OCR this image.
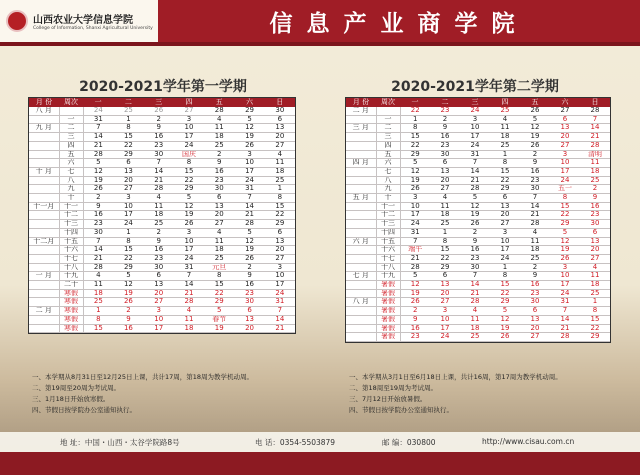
山西农业大学信息学院
College of Information, Shanxi Agricultural University	信息产业商学院
2020-2021学年第一学期	2020-2021学年第二学期
月 份	周次	一	二	三	四	五	六	日
八 月		24	25	26	27	28	29	30
	一	31	1	2	3	4	5	6
九 月	二	7	8	9	10	11	12	13
	三	14	15	16	17	18	19	20
	四	21	22	23	24	25	26	27
	五	28	29	30	国庆	2	3	4
	六	5	6	7	8	9	10	11
十 月	七	12	13	14	15	16	17	18
	八	19	20	21	22	23	24	25
	九	26	27	28	29	30	31	1
	十	2	3	4	5	6	7	8
十一月	十一	9	10	11	12	13	14	15
	十二	16	17	18	19	20	21	22
	十三	23	24	25	26	27	28	29
	十四	30	1	2	3	4	5	6
十二月	十五	7	8	9	10	11	12	13
	十六	14	15	16	17	18	19	20
	十七	21	22	23	24	25	26	27
	十八	28	29	30	31	元旦	2	3
一 月	十九	4	5	6	7	8	9	10
	二十	11	12	13	14	15	16	17
	寒假	18	19	20	21	22	23	24
	寒假	25	26	27	28	29	30	31
二 月	寒假	1	2	3	4	5	6	7
	寒假	8	9	10	11	春节	13	14
	寒假	15	16	17	18	19	20	21
月 份	周次	一	二	三	四	五	六	日
二 月		22	23	24	25	26	27	28
	一	1	2	3	4	5	6	7
三 月	二	8	9	10	11	12	13	14
	三	15	16	17	18	19	20	21
	四	22	23	24	25	26	27	28
	五	29	30	31	1	2	3	清明
四 月	六	5	6	7	8	9	10	11
	七	12	13	14	15	16	17	18
	八	19	20	21	22	23	24	25
	九	26	27	28	29	30	五一	2
五 月	十	3	4	5	6	7	8	9
	十一	10	11	12	13	14	15	16
	十二	17	18	19	20	21	22	23
	十三	24	25	26	27	28	29	30
	十四	31	1	2	3	4	5	6
六 月	十五	7	8	9	10	11	12	13
	十六	端午	15	16	17	18	19	20
	十七	21	22	23	24	25	26	27
	十八	28	29	30	1	2	3	4
七 月	十九	5	6	7	8	9	10	11
	暑假	12	13	14	15	16	17	18
	暑假	19	20	21	22	23	24	25
八 月	暑假	26	27	28	29	30	31	1
	暑假	2	3	4	5	6	7	8
	暑假	9	10	11	12	13	14	15
	暑假	16	17	18	19	20	21	22
	暑假	23	24	25	26	27	28	29
一、本学期从8月31日至12月25日上课，共计17周，第18周为教学机动周。
二、第19周至20周为考试周。
三、1月18日开始放寒假。
四、节假日按学院办公室通知执行。
一、本学期从3月1日至6月18日上课，共计16周，第17周为教学机动周。
二、第18周至19周为考试周。
三、7月12日开始放暑假。
四、节假日按学院办公室通知执行。
地 址：中国・山西・太谷学院路8号	电 话：0354-5503879	邮 编：030800	http://www.cisau.com.cn
